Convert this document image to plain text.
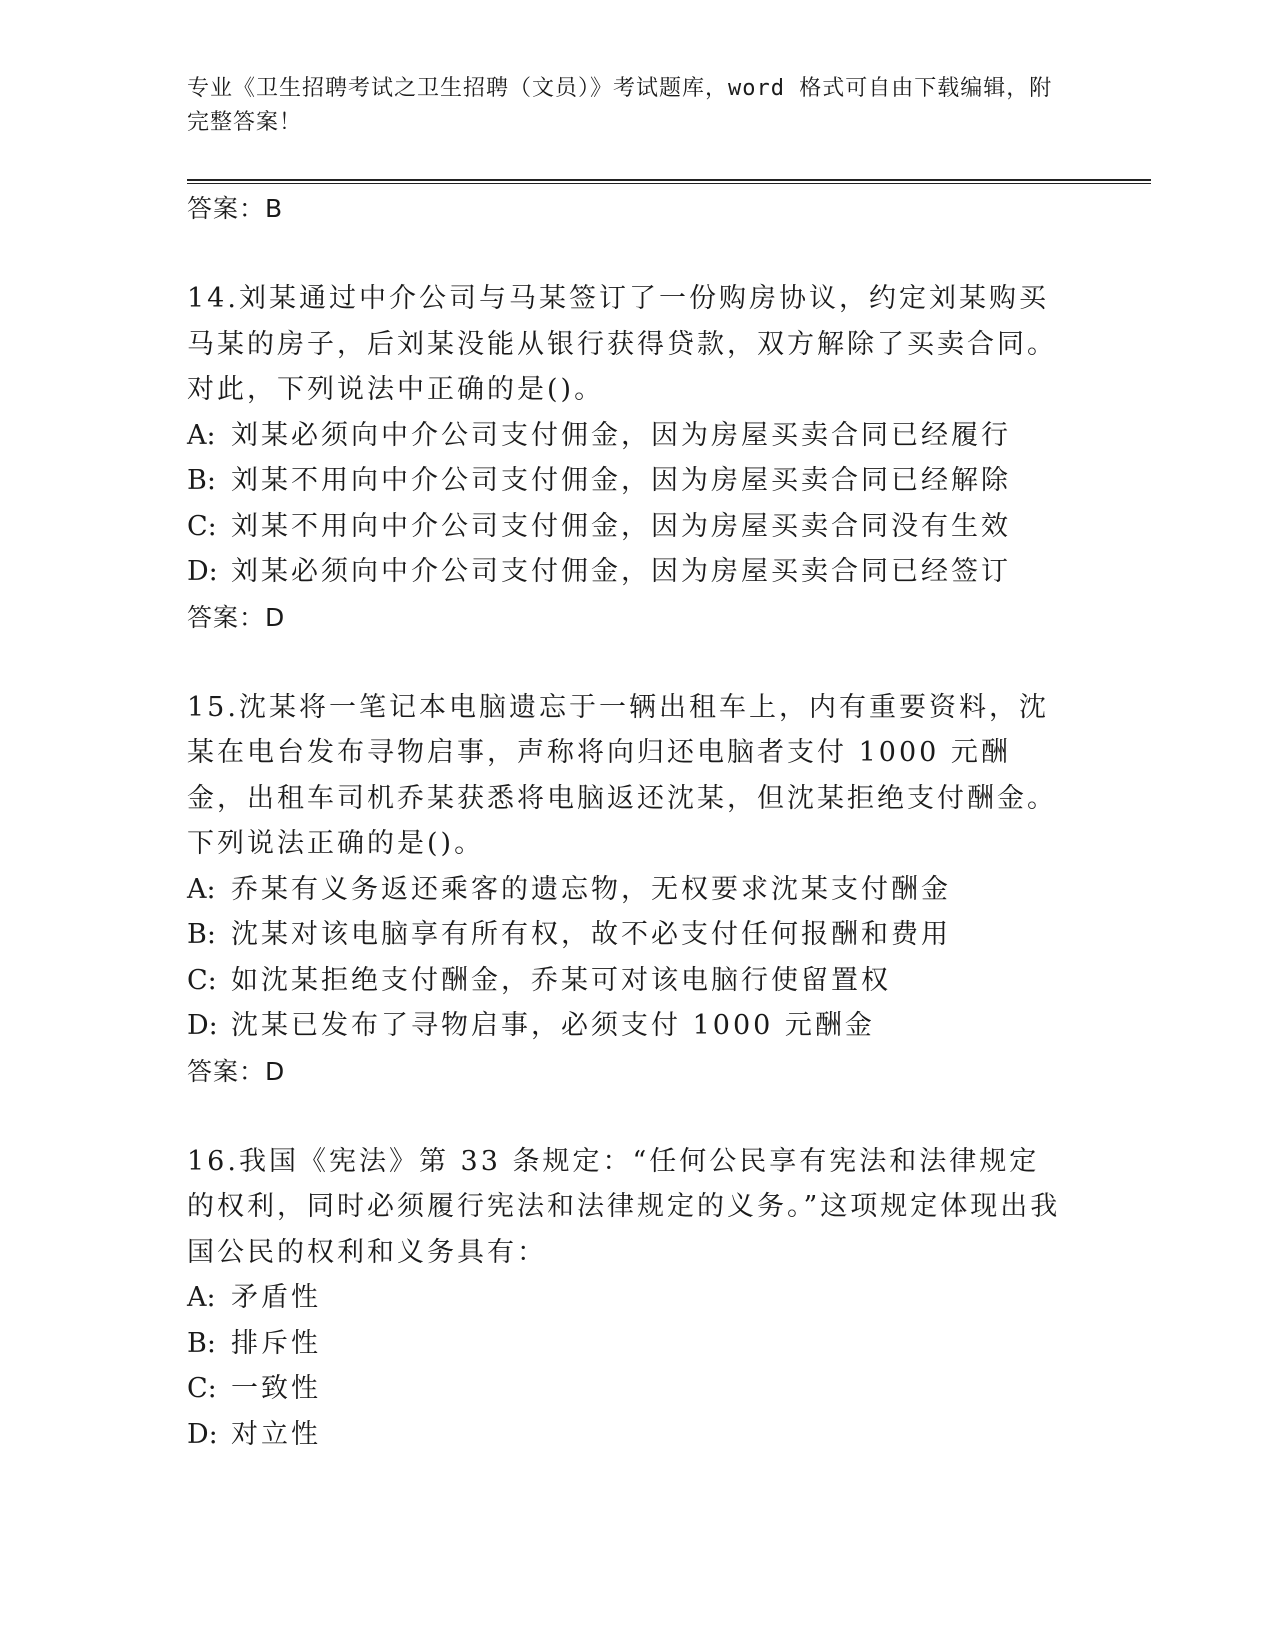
专业《卫生招聘考试之卫生招聘（文员）》考试题库，word 格式可自由下载编辑，附完整答案！
答案：B
14.刘某通过中介公司与马某签订了一份购房协议，约定刘某购买马某的房子，后刘某没能从银行获得贷款，双方解除了买卖合同。对此，下列说法中正确的是()。
A: 刘某必须向中介公司支付佣金，因为房屋买卖合同已经履行
B: 刘某不用向中介公司支付佣金，因为房屋买卖合同已经解除
C: 刘某不用向中介公司支付佣金，因为房屋买卖合同没有生效
D: 刘某必须向中介公司支付佣金，因为房屋买卖合同已经签订
答案：D
15.沈某将一笔记本电脑遗忘于一辆出租车上，内有重要资料，沈某在电台发布寻物启事，声称将向归还电脑者支付 1000 元酬金，出租车司机乔某获悉将电脑返还沈某，但沈某拒绝支付酬金。下列说法正确的是()。
A: 乔某有义务返还乘客的遗忘物，无权要求沈某支付酬金
B: 沈某对该电脑享有所有权，故不必支付任何报酬和费用
C: 如沈某拒绝支付酬金，乔某可对该电脑行使留置权
D: 沈某已发布了寻物启事，必须支付 1000 元酬金
答案：D
16.我国《宪法》第 33 条规定：“任何公民享有宪法和法律规定的权利，同时必须履行宪法和法律规定的义务。”这项规定体现出我国公民的权利和义务具有：
A: 矛盾性
B: 排斥性
C: 一致性
D: 对立性
